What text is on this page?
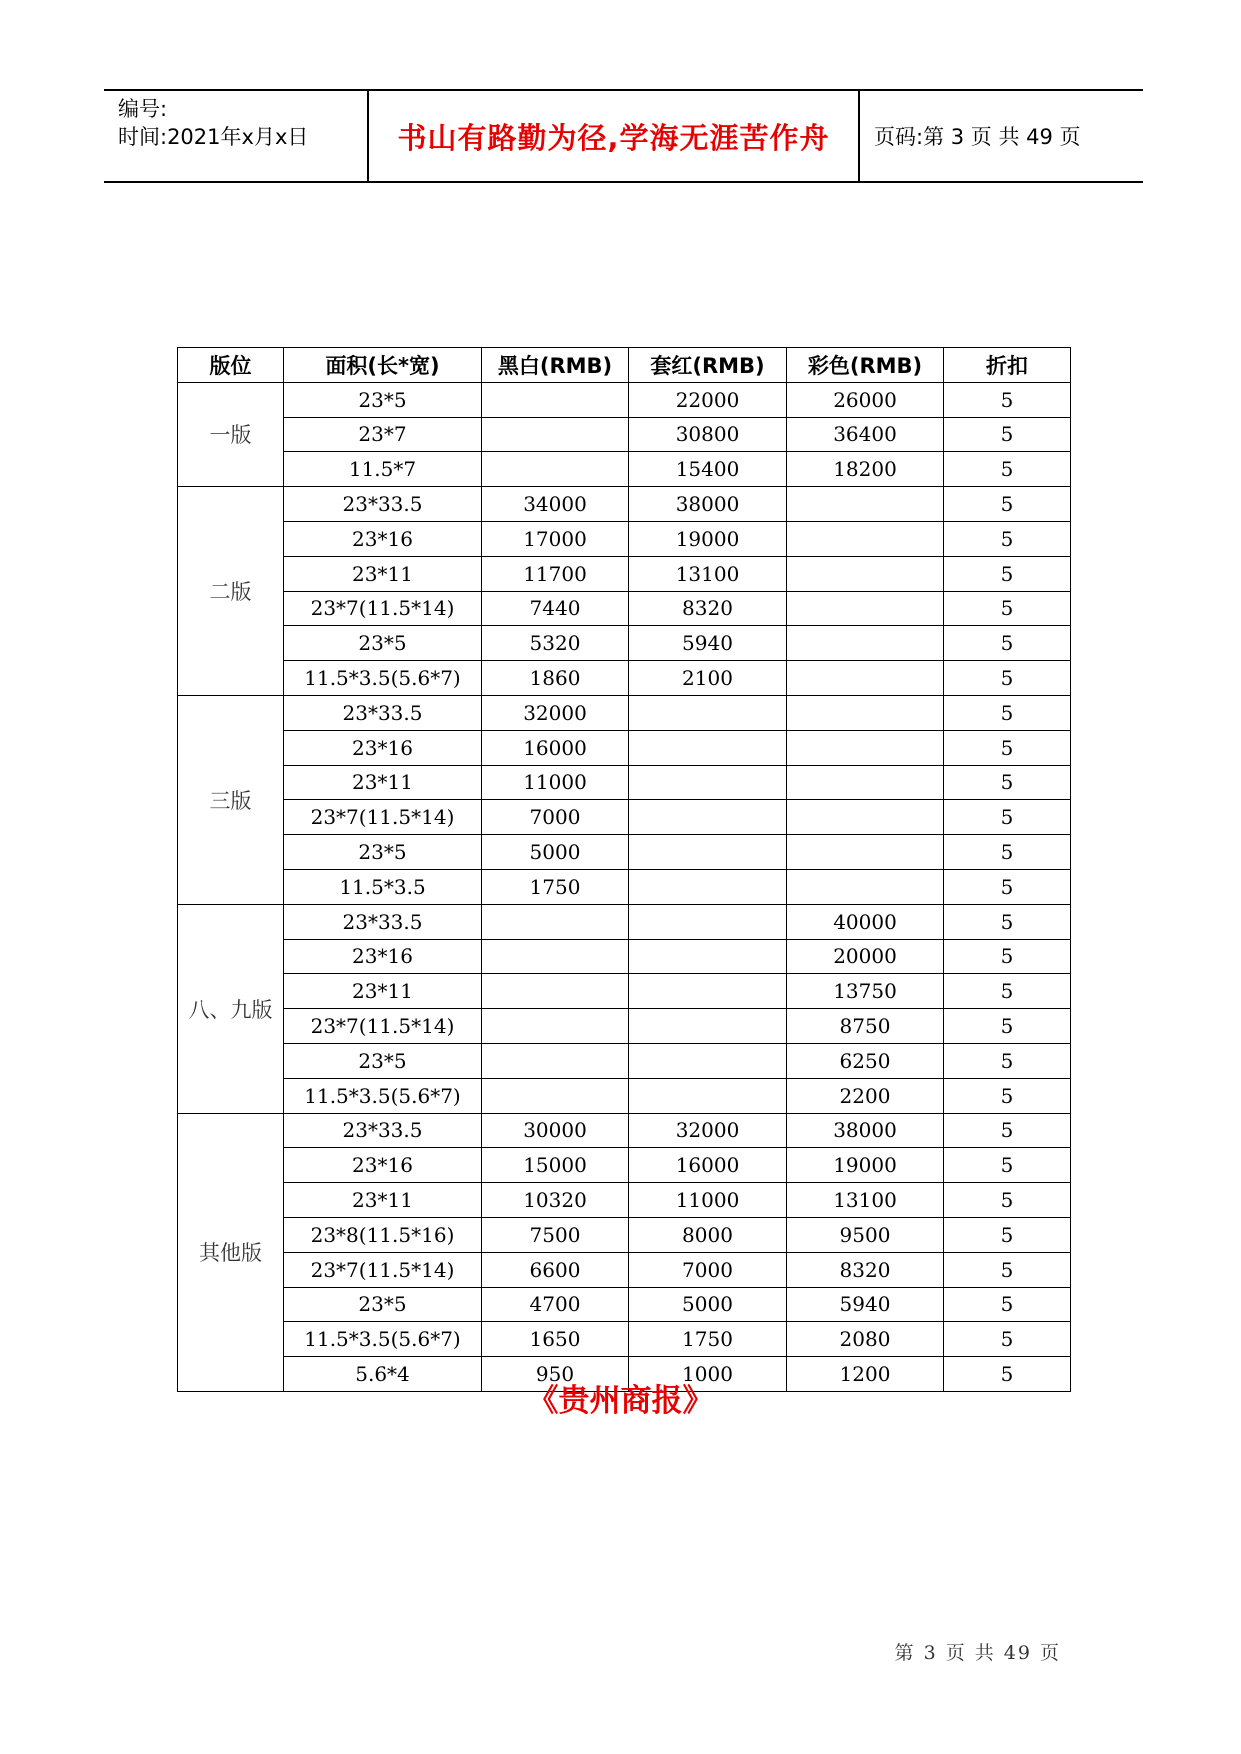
编号:
时间:2021年x月x日	书山有路勤为径,学海无涯苦作舟	页码:第 3 页 共 49 页
版位	面积(长*宽)	黑白(RMB)	套红(RMB)	彩色(RMB)	折扣
一版	23*5		22000	26000	5
	23*7		30800	36400	5
	11.5*7		15400	18200	5
二版	23*33.5	34000	38000		5
	23*16	17000	19000		5
	23*11	11700	13100		5
	23*7(11.5*14)	7440	8320		5
	23*5	5320	5940		5
	11.5*3.5(5.6*7)	1860	2100		5
三版	23*33.5	32000			5
	23*16	16000			5
	23*11	11000			5
	23*7(11.5*14)	7000			5
	23*5	5000			5
	11.5*3.5	1750			5
八、九版	23*33.5			40000	5
	23*16			20000	5
	23*11			13750	5
	23*7(11.5*14)			8750	5
	23*5			6250	5
	11.5*3.5(5.6*7)			2200	5
其他版	23*33.5	30000	32000	38000	5
	23*16	15000	16000	19000	5
	23*11	10320	11000	13100	5
	23*8(11.5*16)	7500	8000	9500	5
	23*7(11.5*14)	6600	7000	8320	5
	23*5	4700	5000	5940	5
	11.5*3.5(5.6*7)	1650	1750	2080	5
	5.6*4	950	1000	1200	5
《贵州商报》
第 3 页 共 49 页
